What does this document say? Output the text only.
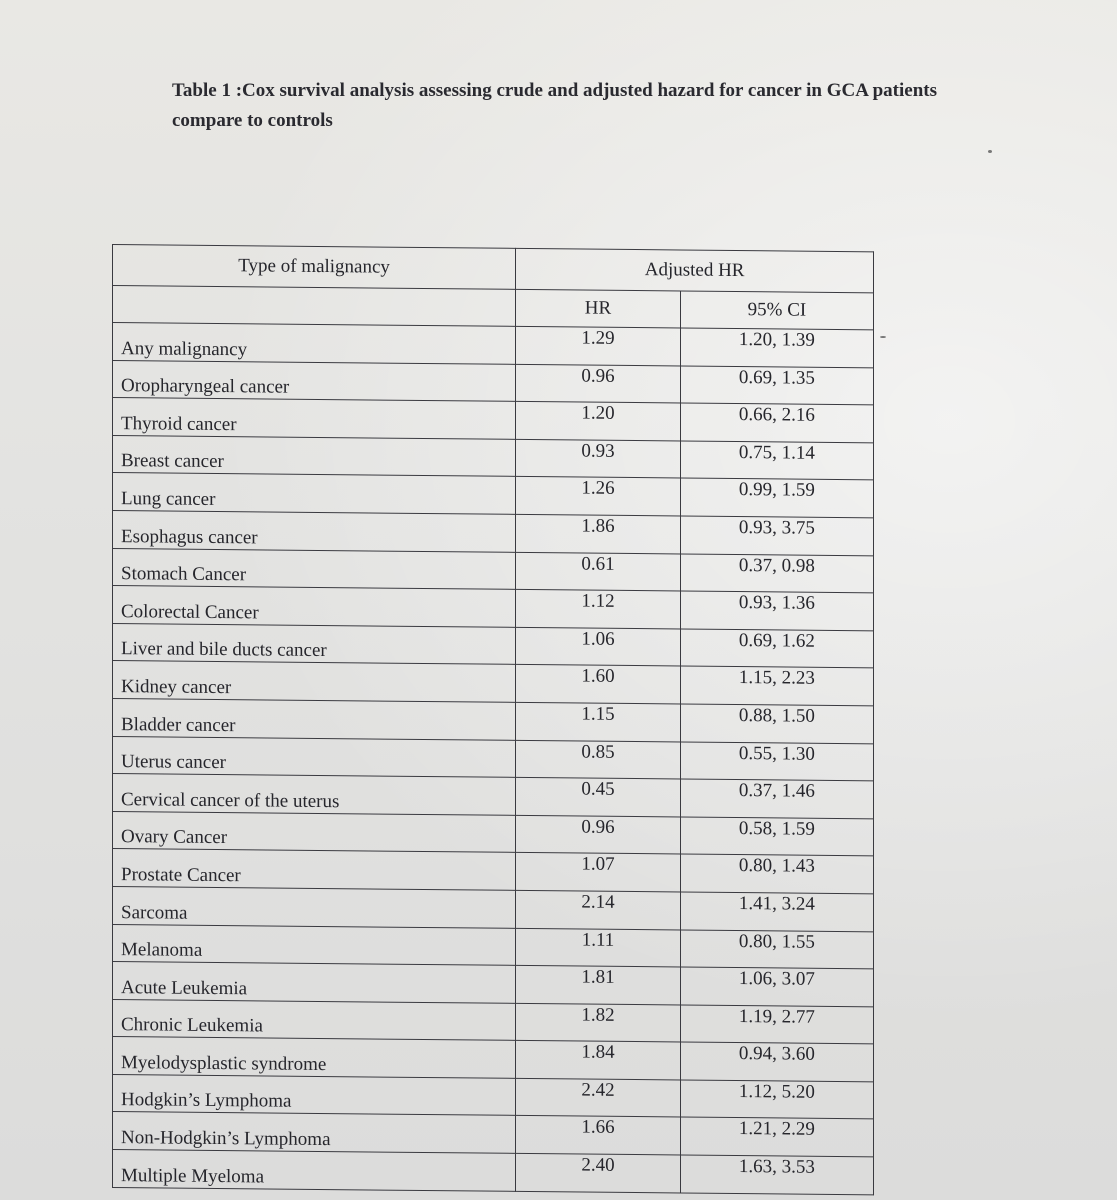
Table 1 :Cox survival analysis assessing crude and adjusted hazard for cancer in GCA patients
compare to controls
Type of malignancy	Adjusted HR	
	HR	95% CI
Any malignancy	1.29	1.20, 1.39
Oropharyngeal cancer	0.96	0.69, 1.35
Thyroid cancer	1.20	0.66, 2.16
Breast cancer	0.93	0.75, 1.14
Lung cancer	1.26	0.99, 1.59
Esophagus cancer	1.86	0.93, 3.75
Stomach Cancer	0.61	0.37, 0.98
Colorectal Cancer	1.12	0.93, 1.36
Liver and bile ducts cancer	1.06	0.69, 1.62
Kidney cancer	1.60	1.15, 2.23
Bladder cancer	1.15	0.88, 1.50
Uterus cancer	0.85	0.55, 1.30
Cervical cancer of the uterus	0.45	0.37, 1.46
Ovary Cancer	0.96	0.58, 1.59
Prostate Cancer	1.07	0.80, 1.43
Sarcoma	2.14	1.41, 3.24
Melanoma	1.11	0.80, 1.55
Acute Leukemia	1.81	1.06, 3.07
Chronic Leukemia	1.82	1.19, 2.77
Myelodysplastic syndrome	1.84	0.94, 3.60
Hodgkin’s Lymphoma	2.42	1.12, 5.20
Non-Hodgkin’s Lymphoma	1.66	1.21, 2.29
Multiple Myeloma	2.40	1.63, 3.53
